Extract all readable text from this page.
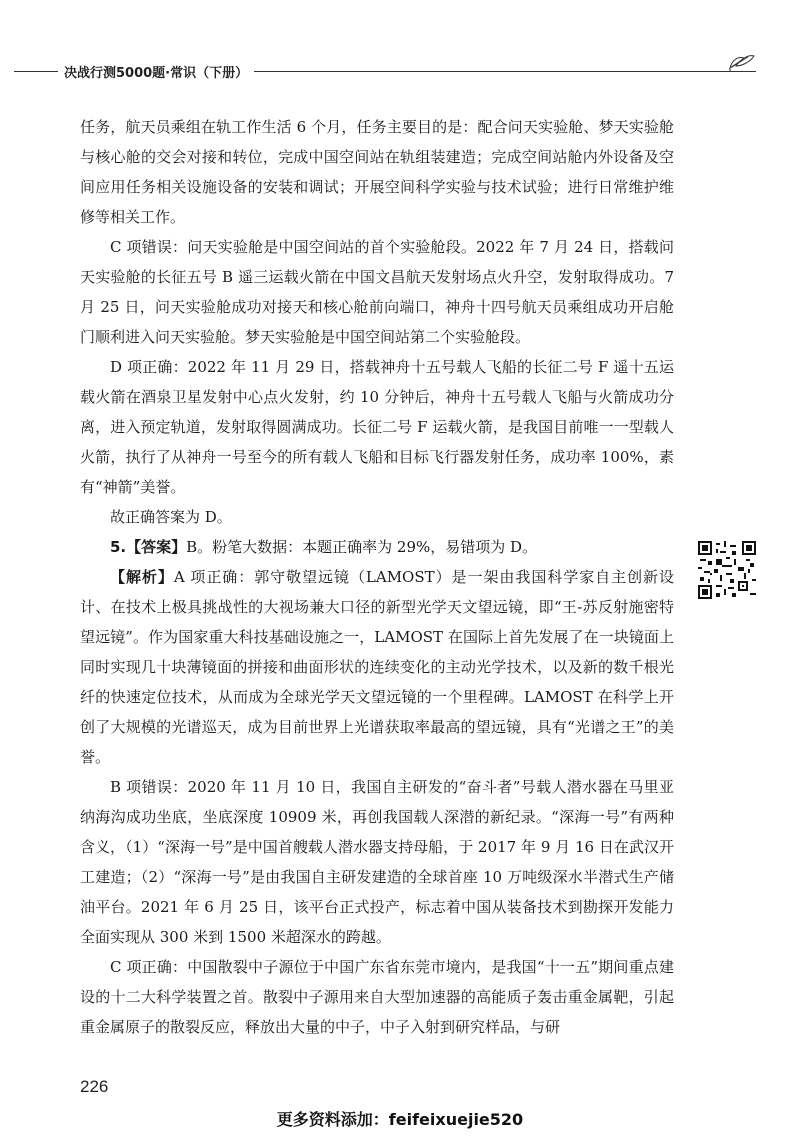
决战行测5000题·常识（下册）

任务，航天员乘组在轨工作生活 6 个月，任务主要目的是：配合问天实验舱、梦天实验舱与核心舱的交会对接和转位，完成中国空间站在轨组装建造；完成空间站舱内外设备及空间应用任务相关设施设备的安装和调试；开展空间科学实验与技术试验；进行日常维护维修等相关工作。

C 项错误：问天实验舱是中国空间站的首个实验舱段。2022 年 7 月 24 日，搭载问天实验舱的长征五号 B 遥三运载火箭在中国文昌航天发射场点火升空，发射取得成功。7 月 25 日，问天实验舱成功对接天和核心舱前向端口，神舟十四号航天员乘组成功开启舱门顺利进入问天实验舱。梦天实验舱是中国空间站第二个实验舱段。

D 项正确：2022 年 11 月 29 日，搭载神舟十五号载人飞船的长征二号 F 遥十五运载火箭在酒泉卫星发射中心点火发射，约 10 分钟后，神舟十五号载人飞船与火箭成功分离，进入预定轨道，发射取得圆满成功。长征二号 F 运载火箭，是我国目前唯一一型载人火箭，执行了从神舟一号至今的所有载人飞船和目标飞行器发射任务，成功率 100%，素有“神箭”美誉。

故正确答案为 D。

5.【答案】B。粉笔大数据：本题正确率为 29%，易错项为 D。

【解析】A 项正确：郭守敬望远镜（LAMOST）是一架由我国科学家自主创新设计、在技术上极具挑战性的大视场兼大口径的新型光学天文望远镜，即“王-苏反射施密特望远镜”。作为国家重大科技基础设施之一，LAMOST 在国际上首先发展了在一块镜面上同时实现几十块薄镜面的拼接和曲面形状的连续变化的主动光学技术，以及新的数千根光纤的快速定位技术，从而成为全球光学天文望远镜的一个里程碑。LAMOST 在科学上开创了大规模的光谱巡天，成为目前世界上光谱获取率最高的望远镜，具有“光谱之王”的美誉。

B 项错误：2020 年 11 月 10 日，我国自主研发的“奋斗者”号载人潜水器在马里亚纳海沟成功坐底，坐底深度 10909 米，再创我国载人深潜的新纪录。“深海一号”有两种含义，（1）“深海一号”是中国首艘载人潜水器支持母船，于 2017 年 9 月 16 日在武汉开工建造；（2）“深海一号”是由我国自主研发建造的全球首座 10 万吨级深水半潜式生产储油平台。2021 年 6 月 25 日，该平台正式投产，标志着中国从装备技术到勘探开发能力全面实现从 300 米到 1500 米超深水的跨越。

C 项正确：中国散裂中子源位于中国广东省东莞市境内，是我国“十一五”期间重点建设的十二大科学装置之首。散裂中子源用来自大型加速器的高能质子轰击重金属靶，引起重金属原子的散裂反应，释放出大量的中子，中子入射到研究样品，与研

226
更多资料添加：feifeixuejie520
